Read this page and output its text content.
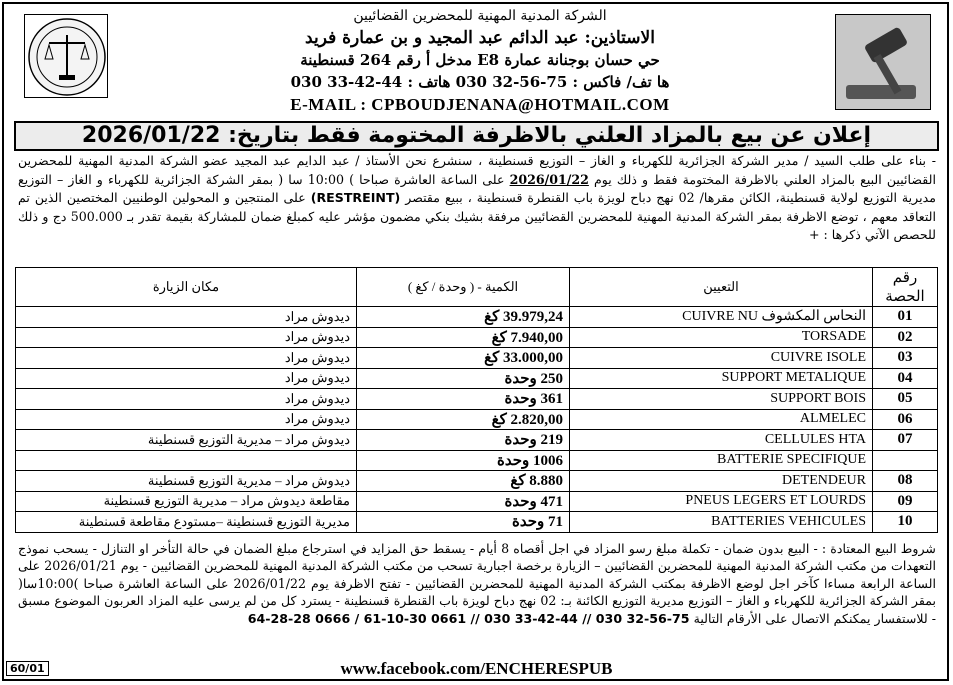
الشركة المدنية المهنية للمحضرين القضائيين
الاستاذين: عبد الدائم عبد المجيد و بن عمارة فريد
مدخل أ رقم 264 قسنطينة E8 حي حسان بوجنانة عمارة
ها تف/ فاكس : 75-56-32 030 هاتف : 44-42-33 030
E-MAIL : CPBOUDJENANA@HOTMAIL.COM
إعلان عن بيع بالمزاد العلني بالاظرفة المختومة فقط بتاريخ: 2026/01/22
- بناء على طلب السيد / مدير الشركة الجزائرية للكهرباء و الغاز – التوزيع قسنطينة ، سنشرع نحن الأستاذ / عبد الدايم عبد المجيد عضو الشركة المدنية المهنية للمحضرين القضائيين البيع بالمزاد العلني بالاظرفة المختومة فقط و ذلك يوم 2026/01/22 على الساعة العاشرة صباحا ) 10:00 سا ( بمقر الشركة الجزائرية للكهرباء و الغاز – التوزيع مديرية التوزيع لولاية قسنطينة، الكائن مقرها/ 02 نهج دباح لويزة باب القنطرة قسنطينة ، ببيع مقتصر (RESTREINT) على المنتجين و المحولين الوطنيين المختصين الذين تم التعاقد معهم ، توضع الاظرفة بمقر الشركة المدنية المهنية للمحضرين القضائيين مرفقة بشيك بنكي مضمون مؤشر عليه كمبلغ ضمان للمشاركة بقيمة تقدر بـ 500.000 دج و ذلك للحصص الآتي ذكرها : +
رقم الحصة	التعيين	الكمية - ( وحدة / كغ )	مكان الزيارة
01	النحاس المكشوف CUIVRE NU	39.979,24 كغ	ديدوش مراد
02	TORSADE	7.940,00 كغ	ديدوش مراد
03	CUIVRE ISOLE	33.000,00 كغ	ديدوش مراد
04	SUPPORT METALIQUE	250 وحدة	ديدوش مراد
05	SUPPORT BOIS	361 وحدة	ديدوش مراد
06	ALMELEC	2.820,00 كغ	ديدوش مراد
07	CELLULES HTA	219 وحدة	ديدوش مراد – مديرية التوزيع قسنطينة
	BATTERIE SPECIFIQUE	1006 وحدة	
08	DETENDEUR	8.880 كغ	ديدوش مراد – مديرية التوزيع قسنطينة
09	PNEUS LEGERS ET LOURDS	471 وحدة	مقاطعة ديدوش مراد – مديرية التوزيع قسنطينة
10	BATTERIES VEHICULES	71 وحدة	مديرية التوزيع قسنطينة –مستودع مقاطعة قسنطينة
شروط البيع المعتادة : - البيع بدون ضمان - تكملة مبلغ رسو المزاد في اجل أقصاه 8 أيام - يسقط حق المزايد في استرجاع مبلغ الضمان في حالة التأخر او التنازل - يسحب نموذج التعهدات من مكتب الشركة المدنية المهنية للمحضرين القضائيين – الزيارة برخصة اجبارية تسحب من مكتب الشركة المدنية المهنية للمحضرين القضائيين - يوم 2026/01/21 على الساعة الرابعة مساءا كآخر اجل لوضع الاظرفة بمكتب الشركة المدنية المهنية للمحضرين القضائيين - تفتح الاظرفة يوم 2026/01/22 على الساعة العاشرة صباحا )10:00سا( بمقر الشركة الجزائرية للكهرباء و الغاز – التوزيع مديرية التوزيع الكائنة بـ: 02 نهج دباح لويزة باب القنطرة قسنطينة - يسترد كل من لم يرسى عليه المزاد العربون الموضوع مسبق - للاستفسار يمكنكم الاتصال على الأرقام التالية 75-56-32 030 // 44-42-33 030 // 0661 30-10-61 / 0666 28-28-64
www.facebook.com/ENCHERESPUB
60/01
